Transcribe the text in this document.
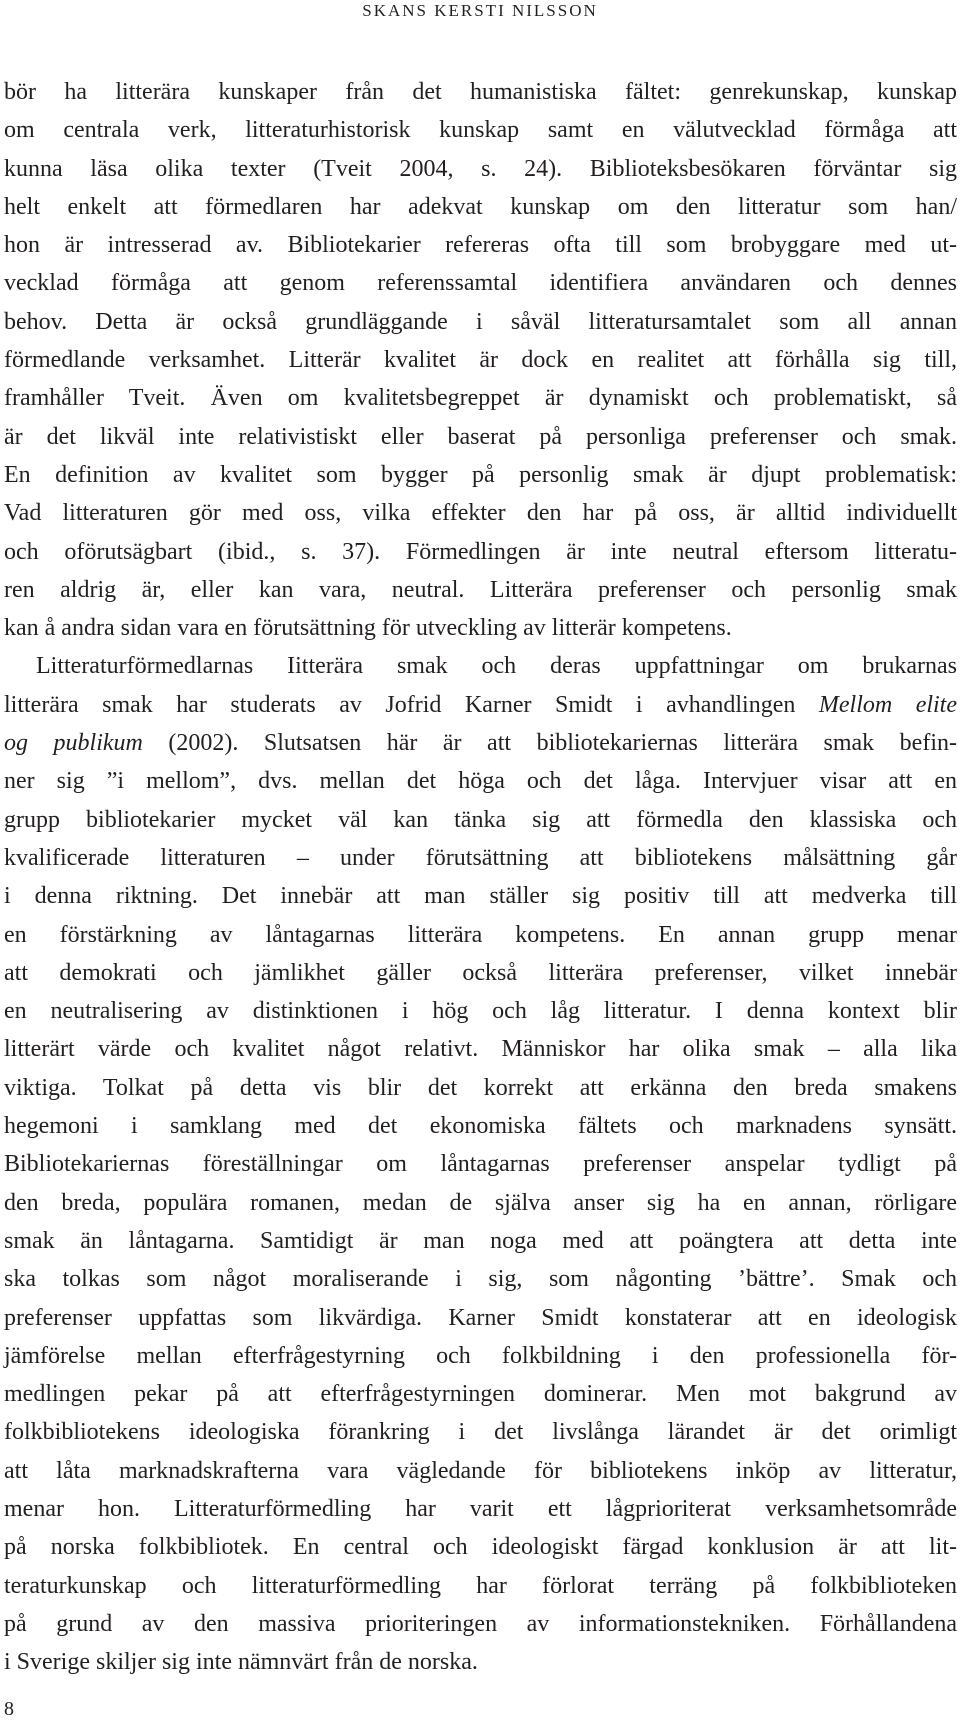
SKANS KERSTI NILSSON
bör ha litterära kunskaper från det humanistiska fältet: genrekunskap, kunskap
om centrala verk, litteraturhistorisk kunskap samt en välutvecklad förmåga att
kunna läsa olika texter (Tveit 2004, s. 24). Biblioteksbesökaren förväntar sig
helt enkelt att förmedlaren har adekvat kunskap om den litteratur som han/
hon är intresserad av. Bibliotekarier refereras ofta till som brobyggare med ut-
vecklad förmåga att genom referenssamtal identifiera användaren och dennes
behov. Detta är också grundläggande i såväl litteratursamtalet som all annan
förmedlande verksamhet. Litterär kvalitet är dock en realitet att förhålla sig till,
framhåller Tveit. Även om kvalitetsbegreppet är dynamiskt och problematiskt, så
är det likväl inte relativistiskt eller baserat på personliga preferenser och smak.
En definition av kvalitet som bygger på personlig smak är djupt problematisk:
Vad litteraturen gör med oss, vilka effekter den har på oss, är alltid individuellt
och oförutsägbart (ibid., s. 37). Förmedlingen är inte neutral eftersom litteratu-
ren aldrig är, eller kan vara, neutral. Litterära preferenser och personlig smak
kan å andra sidan vara en förutsättning för utveckling av litterär kompetens.
Litteraturförmedlarnas Iitterära smak och deras uppfattningar om brukarnas
litterära smak har studerats av Jofrid Karner Smidt i avhandlingen Mellom elite
og publikum (2002). Slutsatsen här är att bibliotekariernas litterära smak befin-
ner sig ”i mellom”, dvs. mellan det höga och det låga. Intervjuer visar att en
grupp bibliotekarier mycket väl kan tänka sig att förmedla den klassiska och
kvalificerade litteraturen – under förutsättning att bibliotekens målsättning går
i denna riktning. Det innebär att man ställer sig positiv till att medverka till
en förstärkning av låntagarnas litterära kompetens. En annan grupp menar
att demokrati och jämlikhet gäller också litterära preferenser, vilket innebär
en neutralisering av distinktionen i hög och låg litteratur. I denna kontext blir
litterärt värde och kvalitet något relativt. Människor har olika smak – alla lika
viktiga. Tolkat på detta vis blir det korrekt att erkänna den breda smakens
hegemoni i samklang med det ekonomiska fältets och marknadens synsätt.
Bibliotekariernas föreställningar om låntagarnas preferenser anspelar tydligt på
den breda, populära romanen, medan de själva anser sig ha en annan, rörligare
smak än låntagarna. Samtidigt är man noga med att poängtera att detta inte
ska tolkas som något moraliserande i sig, som någonting ’bättre’. Smak och
preferenser uppfattas som likvärdiga. Karner Smidt konstaterar att en ideologisk
jämförelse mellan efterfrågestyrning och folkbildning i den professionella för-
medlingen pekar på att efterfrågestyrningen dominerar. Men mot bakgrund av
folkbibliotekens ideologiska förankring i det livslånga lärandet är det orimligt
att låta marknadskrafterna vara vägledande för bibliotekens inköp av litteratur,
menar hon. Litteraturförmedling har varit ett lågprioriterat verksamhetsområde
på norska folkbibliotek. En central och ideologiskt färgad konklusion är att lit-
teraturkunskap och litteraturförmedling har förlorat terräng på folkbiblioteken
på grund av den massiva prioriteringen av informationstekniken. Förhållandena
i Sverige skiljer sig inte nämnvärt från de norska.
8
